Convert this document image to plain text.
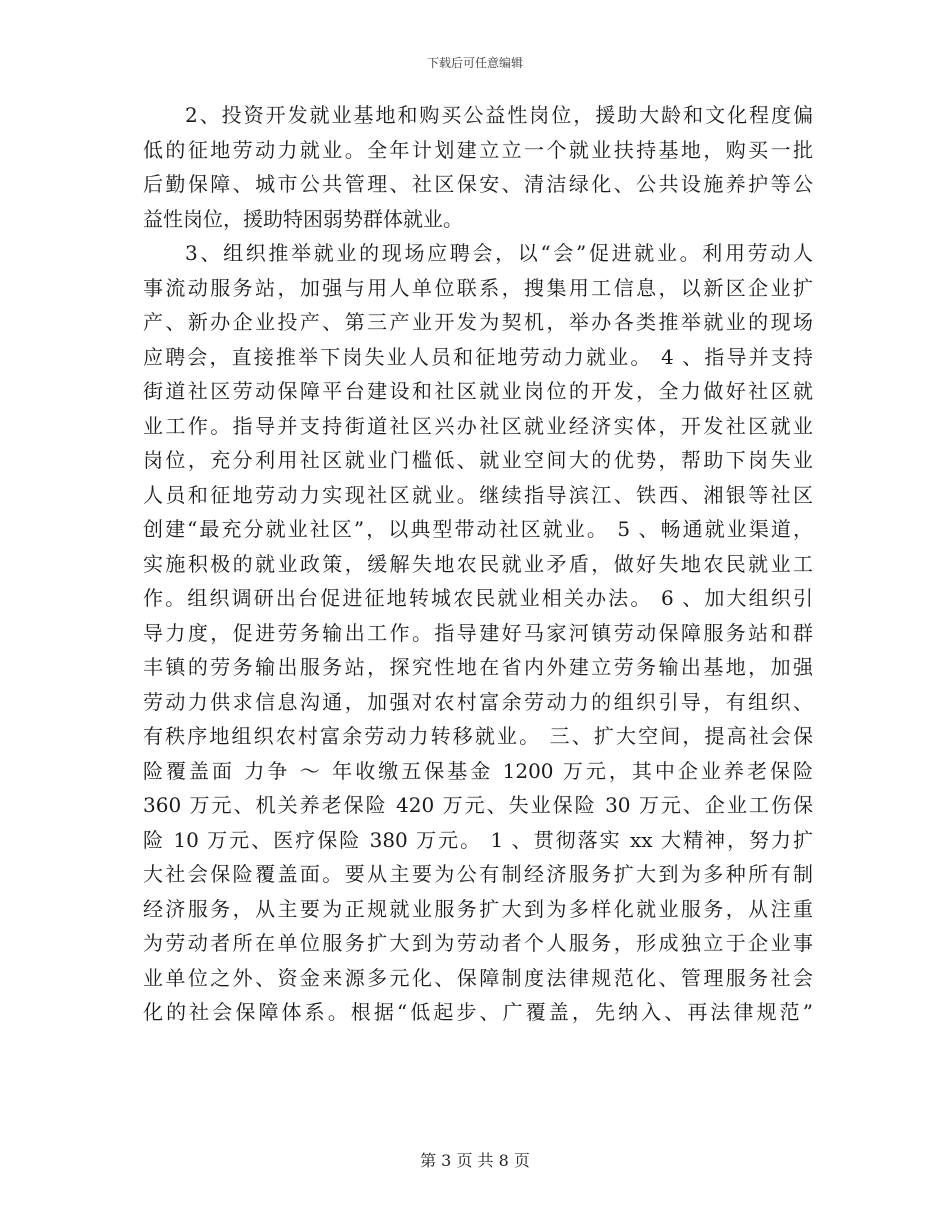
下载后可任意编辑
2、投资开发就业基地和购买公益性岗位，援助大龄和文化程度偏
低的征地劳动力就业。全年计划建立立一个就业扶持基地，购买一批
后勤保障、城市公共管理、社区保安、清洁绿化、公共设施养护等公
益性岗位，援助特困弱势群体就业。
3、组织推举就业的现场应聘会，以“会”促进就业。利用劳动人
事流动服务站，加强与用人单位联系，搜集用工信息，以新区企业扩
产、新办企业投产、第三产业开发为契机，举办各类推举就业的现场
应聘会，直接推举下岗失业人员和征地劳动力就业。 4 、指导并支持
街道社区劳动保障平台建设和社区就业岗位的开发，全力做好社区就
业工作。指导并支持街道社区兴办社区就业经济实体，开发社区就业
岗位，充分利用社区就业门槛低、就业空间大的优势，帮助下岗失业
人员和征地劳动力实现社区就业。继续指导滨江、铁西、湘银等社区
创建“最充分就业社区”，以典型带动社区就业。 5 、畅通就业渠道，
实施积极的就业政策，缓解失地农民就业矛盾，做好失地农民就业工
作。组织调研出台促进征地转城农民就业相关办法。 6 、加大组织引
导力度，促进劳务输出工作。指导建好马家河镇劳动保障服务站和群
丰镇的劳务输出服务站，探究性地在省内外建立劳务输出基地，加强
劳动力供求信息沟通，加强对农村富余劳动力的组织引导，有组织、
有秩序地组织农村富余劳动力转移就业。 三、扩大空间，提高社会保
险覆盖面 力争 ～ 年收缴五保基金 1200 万元，其中企业养老保险
360 万元、机关养老保险 420 万元、失业保险 30 万元、企业工伤保
险 10 万元、医疗保险 380 万元。 1 、贯彻落实 xx 大精神，努力扩
大社会保险覆盖面。要从主要为公有制经济服务扩大到为多种所有制
经济服务，从主要为正规就业服务扩大到为多样化就业服务，从注重
为劳动者所在单位服务扩大到为劳动者个人服务，形成独立于企业事
业单位之外、资金来源多元化、保障制度法律规范化、管理服务社会
化的社会保障体系。根据“低起步、广覆盖，先纳入、再法律规范”
第 3 页 共 8 页
